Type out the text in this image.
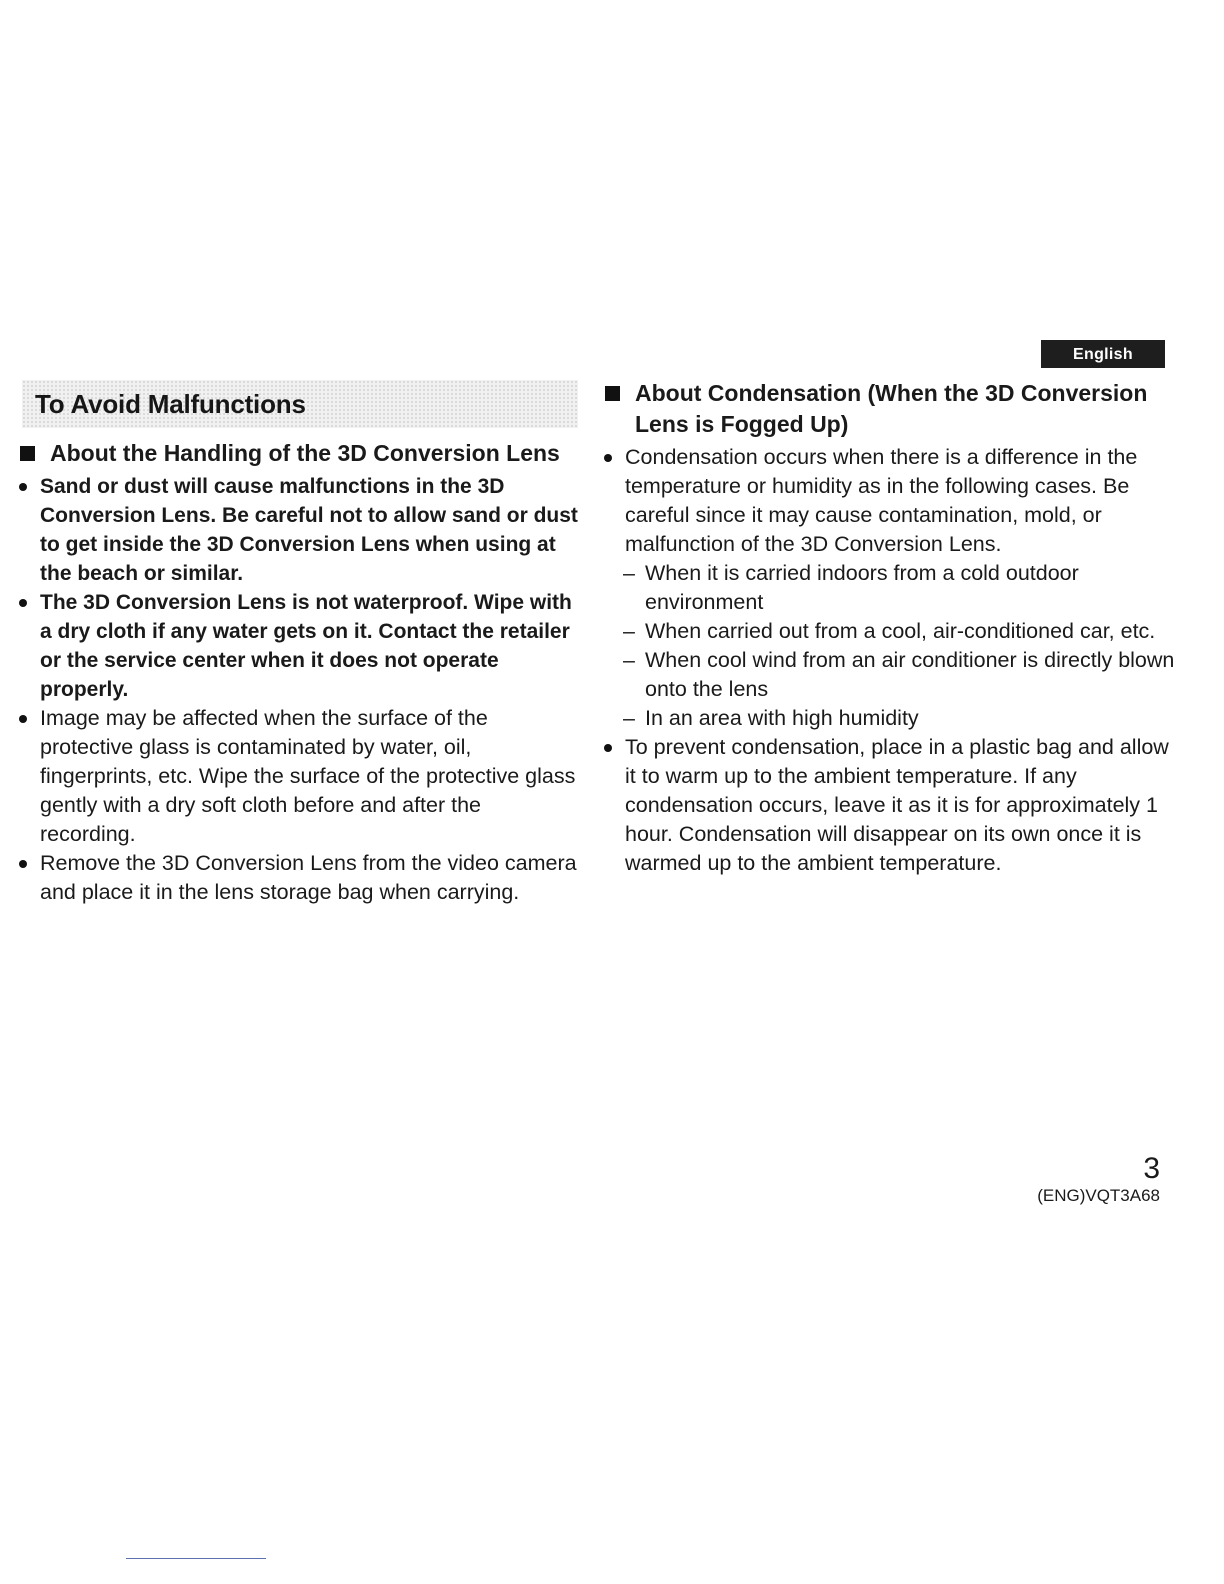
English
To Avoid Malfunctions
About the Handling of the 3D Conversion Lens
Sand or dust will cause malfunctions in the 3D Conversion Lens. Be careful not to allow sand or dust to get inside the 3D Conversion Lens when using at the beach or similar.
The 3D Conversion Lens is not waterproof. Wipe with a dry cloth if any water gets on it. Contact the retailer or the service center when it does not operate properly.
Image may be affected when the surface of the protective glass is contaminated by water, oil, fingerprints, etc. Wipe the surface of the protective glass gently with a dry soft cloth before and after the recording.
Remove the 3D Conversion Lens from the video camera and place it in the lens storage bag when carrying.
About Condensation (When the 3D Conversion Lens is Fogged Up)
Condensation occurs when there is a difference in the temperature or humidity as in the following cases. Be careful since it may cause contamination, mold, or malfunction of the 3D Conversion Lens.
– When it is carried indoors from a cold outdoor environment
– When carried out from a cool, air-conditioned car, etc.
– When cool wind from an air conditioner is directly blown onto the lens
– In an area with high humidity
To prevent condensation, place in a plastic bag and allow it to warm up to the ambient temperature. If any condensation occurs, leave it as it is for approximately 1 hour. Condensation will disappear on its own once it is warmed up to the ambient temperature.
3
(ENG)VQT3A68
